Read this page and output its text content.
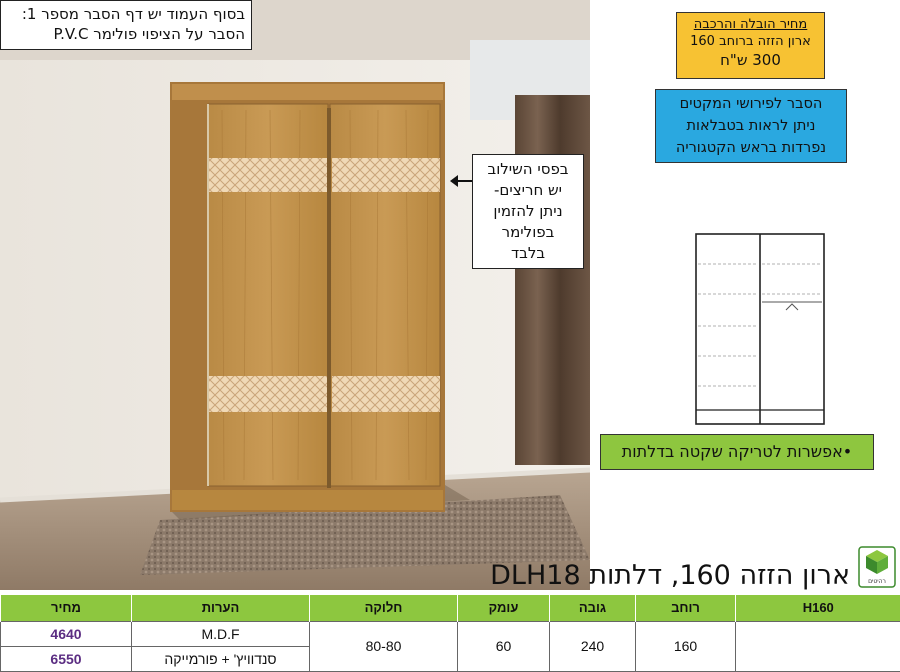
בסוף העמוד יש דף הסבר מספר 1:
הסבר על הציפוי פולימר P.V.C
בפסי השילוב
יש חריצים-
ניתן להזמין
בפולימר
בלבד
מחיר הובלה והרכבה
ארון הזזה ברוחב 160
300 ש"ח
הסבר לפירושי המקטים
ניתן לראות בטבלאות
נפרדות בראש הקטגוריה
•אפשרות לטריקה שקטה בדלתות
ארון הזזה 160, דלתות DLH18	רהיטים
H160	רוחב	גובה	עומק	חלוקה	הערות	מחיר
	160	240	60	80-80	M.D.F	4640
					סנדוויץ' + פורמייקה	6550
